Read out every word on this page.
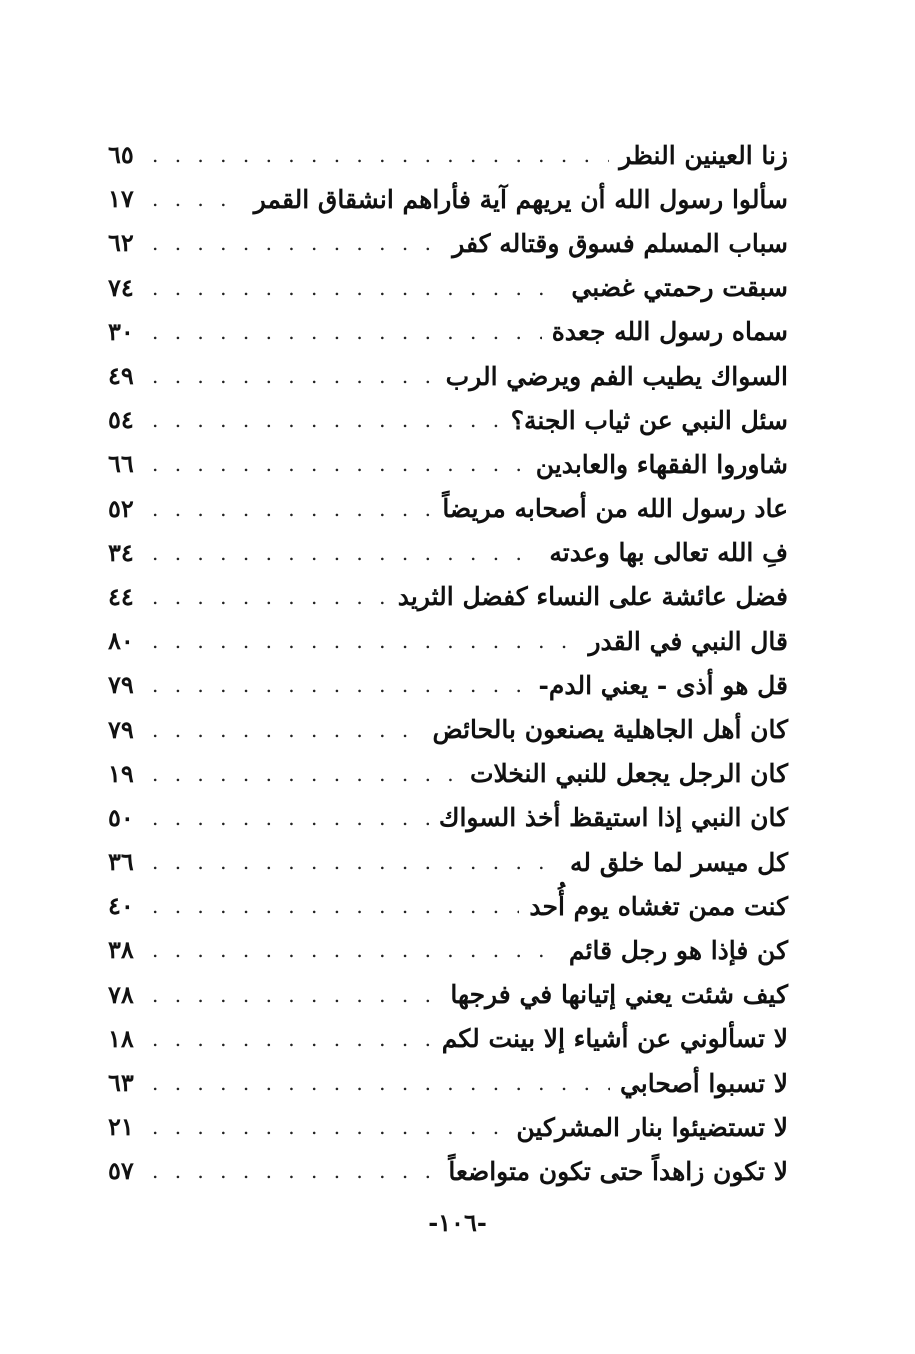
زنا العينين النظر
. . .
٦٥
سألوا رسول الله أن يريهم آية فأراهم انشقاق القمر
. . .
١٧
سباب المسلم فسوق وقتاله كفر
. . .
٦٢
سبقت رحمتي غضبي
. . .
٧٤
سماه رسول الله جعدة
. . .
٣٠
السواك يطيب الفم ويرضي الرب
. . .
٤٩
سئل النبي عن ثياب الجنة؟
. . .
٥٤
شاوروا الفقهاء والعابدين
. . .
٦٦
عاد رسول الله من أصحابه مريضاً
. . .
٥٢
فِ الله تعالى بها وعدته
. . .
٣٤
فضل عائشة على النساء كفضل الثريد
. . .
٤٤
قال النبي في القدر
. . .
٨٠
قل هو أذى - يعني الدم-
. . .
٧٩
كان أهل الجاهلية يصنعون بالحائض
. . .
٧٩
كان الرجل يجعل للنبي النخلات
. . .
١٩
كان النبي إذا استيقظ أخذ السواك
. . .
٥٠
كل ميسر لما خلق له
. . .
٣٦
كنت ممن تغشاه يوم أُحد
. . .
٤٠
كن فإذا هو رجل قائم
. . .
٣٨
كيف شئت يعني إتيانها في فرجها
. . .
٧٨
لا تسألوني عن أشياء إلا بينت لكم
. . .
١٨
لا تسبوا أصحابي
. . .
٦٣
لا تستضيئوا بنار المشركين
. . .
٢١
لا تكون زاهداً حتى تكون متواضعاً
. . .
٥٧
-١٠٦-
